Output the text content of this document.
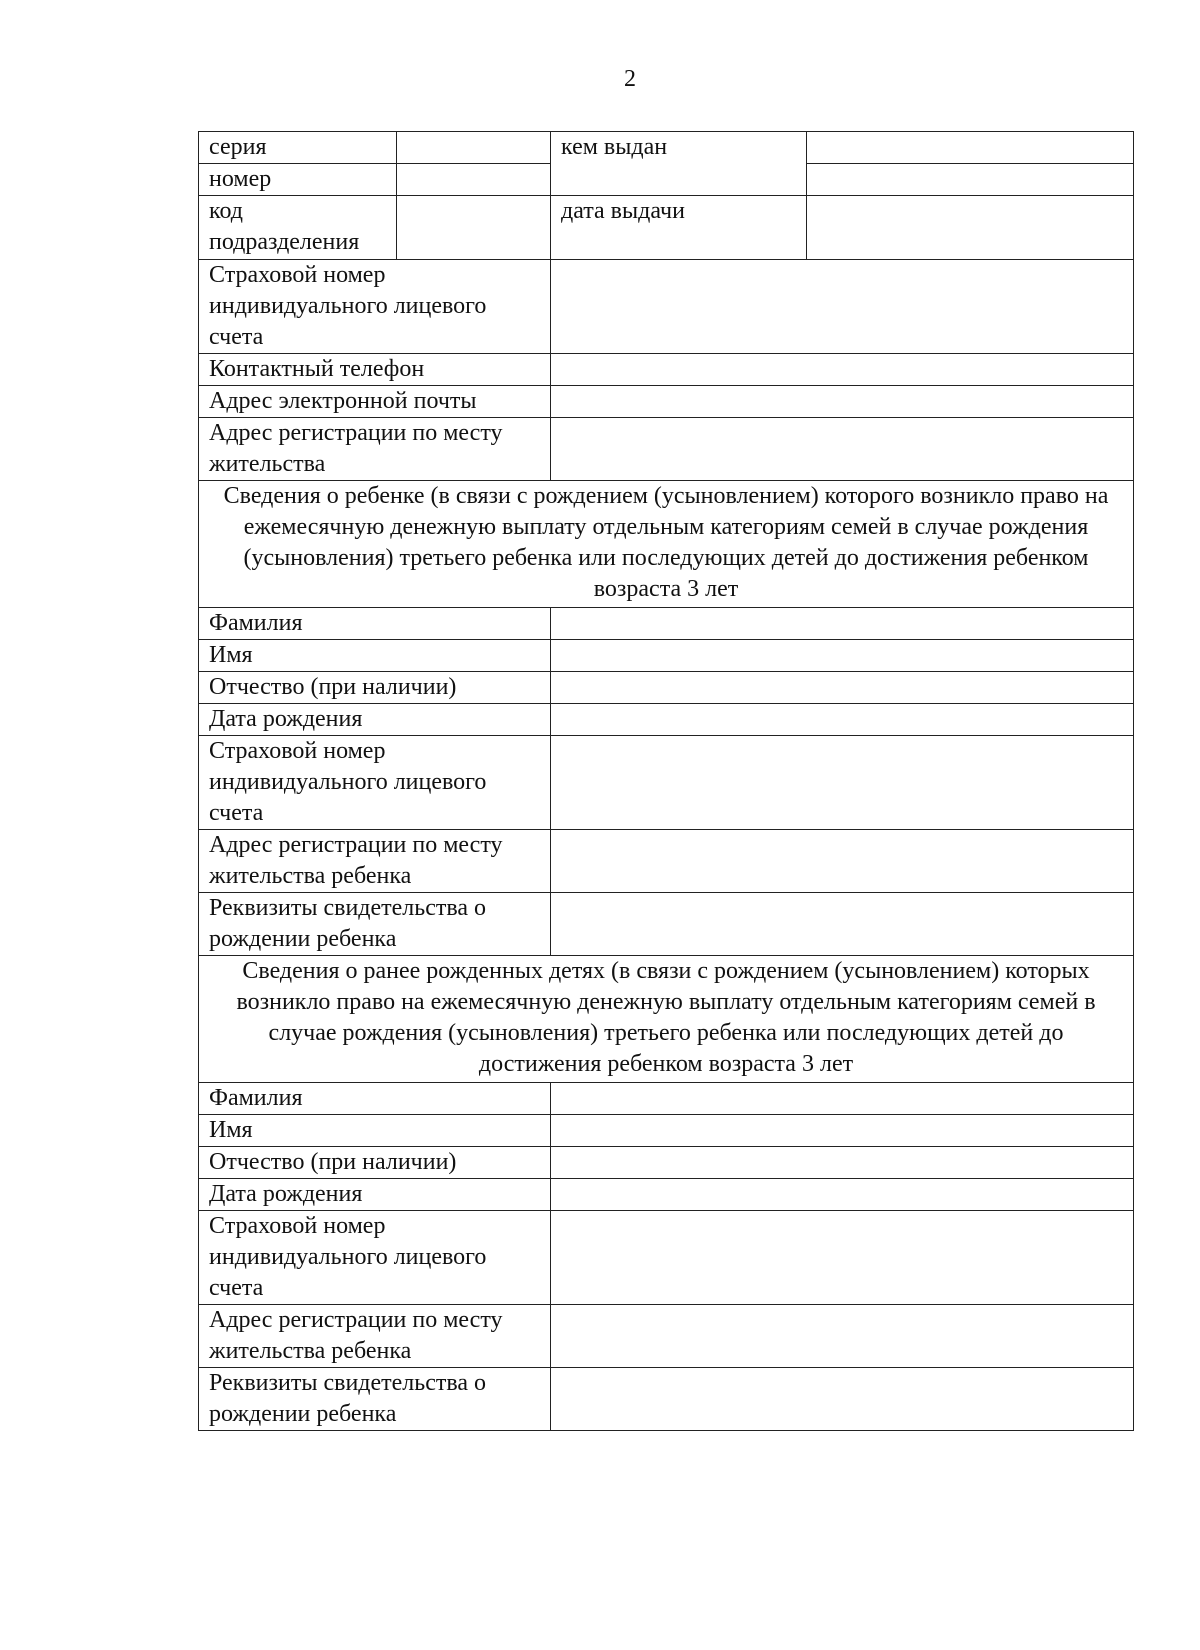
2
серия		кем выдан	
номер			
код подразделения		дата выдачи	
Страховой номер индивидуального лицевого счета			
Контактный телефон			
Адрес электронной почты			
Адрес регистрации по месту жительства			
Сведения о ребенке (в связи с рождением (усыновлением) которого возникло право на ежемесячную денежную выплату отдельным категориям семей в случае рождения (усыновления) третьего ребенка или последующих детей до достижения ребенком возраста 3 лет			
Фамилия			
Имя			
Отчество (при наличии)			
Дата рождения			
Страховой номер индивидуального лицевого счета			
Адрес регистрации по месту жительства ребенка			
Реквизиты свидетельства о рождении ребенка			
Сведения о ранее рожденных детях (в связи с рождением (усыновлением) которых возникло право на ежемесячную денежную выплату отдельным категориям семей в случае рождения (усыновления) третьего ребенка или последующих детей до достижения ребенком возраста 3 лет			
Фамилия			
Имя			
Отчество (при наличии)			
Дата рождения			
Страховой номер индивидуального лицевого счета			
Адрес регистрации по месту жительства ребенка			
Реквизиты свидетельства о рождении ребенка			
